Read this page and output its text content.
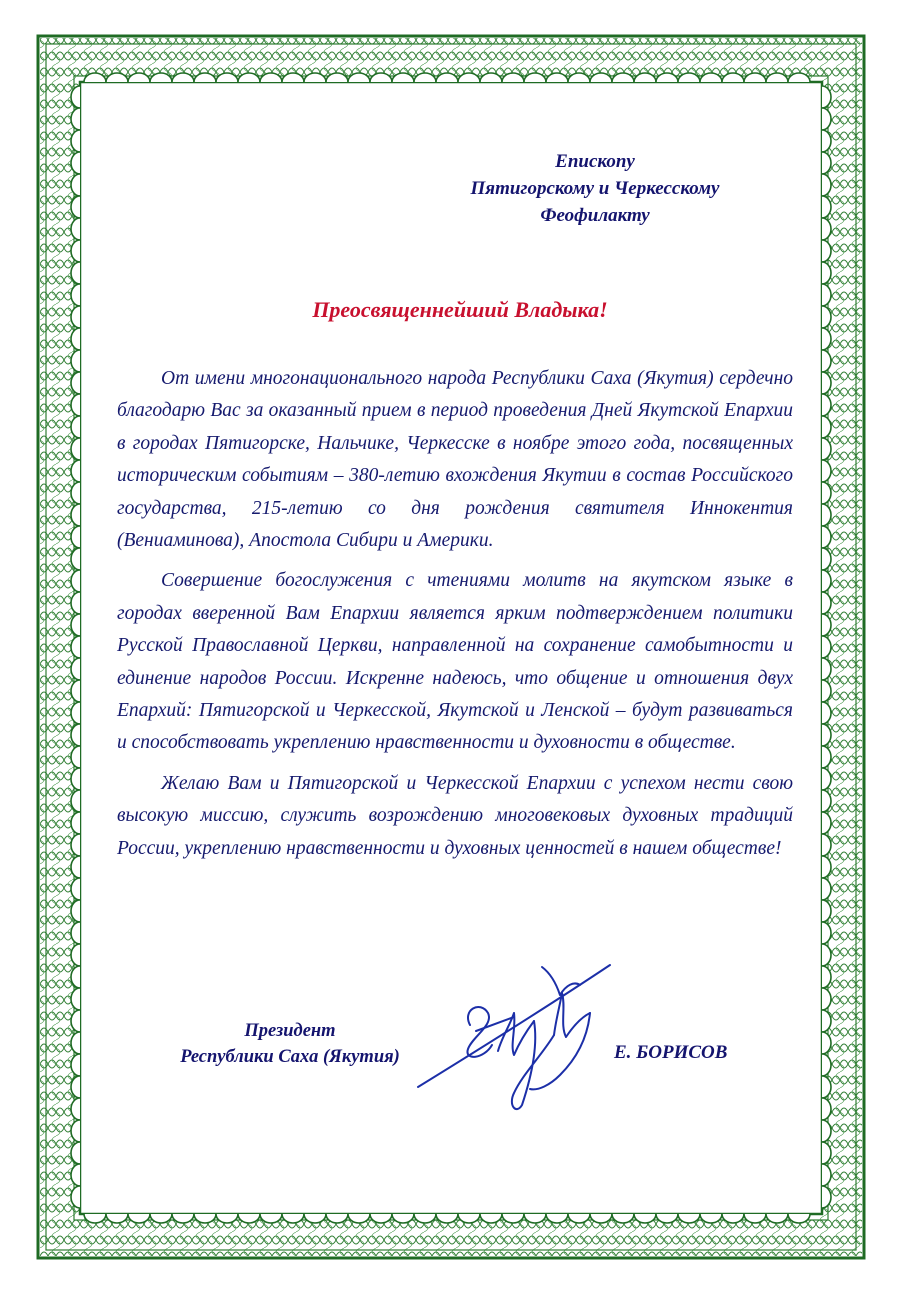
Епископу
Пятигорскому и Черкесскому
Феофилакту
Преосвященнейший Владыка!

От имени многонационального народа Республики Саха (Якутия) сердечно благодарю Вас за оказанный прием в период проведения Дней Якутской Епархии в городах Пятигорске, Нальчике, Черкесске в ноябре этого года, посвященных историческим событиям – 380-летию вхождения Якутии в состав Российского государства, 215-летию со дня рождения святителя Иннокентия (Вениаминова), Апостола Сибири и Америки.

Совершение богослужения с чтениями молитв на якутском языке в городах вверенной Вам Епархии является ярким подтверждением политики Русской Православной Церкви, направленной на сохранение самобытности и единение народов России. Искренне надеюсь, что общение и отношения двух Епархий: Пятигорской и Черкесской, Якутской и Ленской – будут развиваться и способствовать укреплению нравственности и духовности в обществе.

Желаю Вам и Пятигорской и Черкесской Епархии с успехом нести свою высокую миссию, служить возрождению многовековых духовных традиций России, укреплению нравственности и духовных ценностей в нашем обществе!

Президент
Республики Саха (Якутия)	Е. БОРИСОВ
